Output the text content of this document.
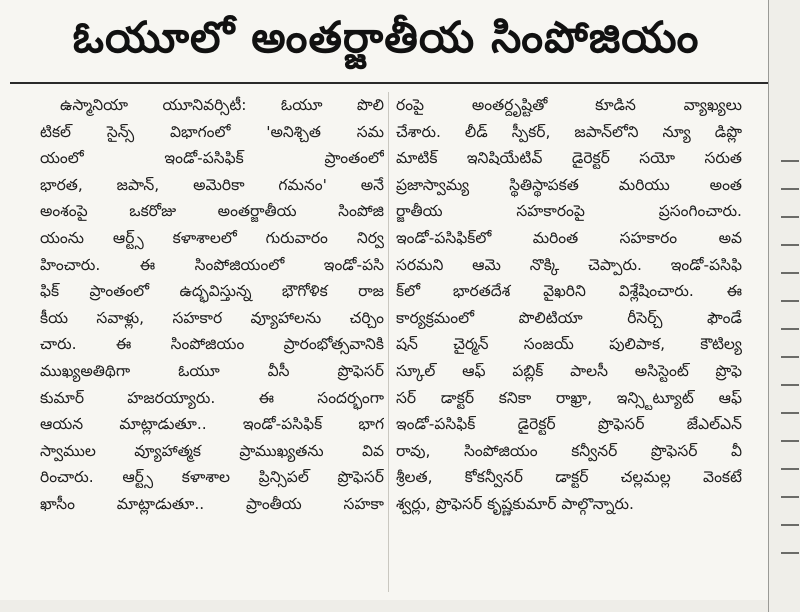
ఓయూలో అంతర్జాతీయ సింపోజియం
ఉస్మానియా యూనివర్సిటీ: ఓయూ పొలి
టికల్ సైన్స్ విభాగంలో 'అనిశ్చిత సమ
యంలో ఇండో-పసిఫిక్ ప్రాంతంలో
భారత, జపాన్, అమెరికా గమనం' అనే
అంశంపై ఒకరోజు అంతర్జాతీయ సింపోజి
యంను ఆర్ట్స్ కళాశాలలో గురువారం నిర్వ
హించారు. ఈ సింపోజియంలో ఇండో-పసి
ఫిక్ ప్రాంతంలో ఉద్భవిస్తున్న భౌగోళిక రాజ
కీయ సవాళ్లు, సహకార వ్యూహాలను చర్చిం
చారు. ఈ సింపోజియం ప్రారంభోత్సవానికి
ముఖ్యఅతిథిగా ఓయూ వీసీ ప్రొఫెసర్
కుమార్ హజరయ్యారు. ఈ సందర్భంగా
ఆయన మాట్లాడుతూ.. ఇండో-పసిఫిక్ భాగ
స్వాముల వ్యూహాత్మక ప్రాముఖ్యతను వివ
రించారు. ఆర్ట్స్ కళాశాల ప్రిన్సిపల్ ప్రొఫెసర్
ఖాసీం మాట్లాడుతూ.. ప్రాంతీయ సహకా
రంపై అంతర్దృష్టితో కూడిన వ్యాఖ్యలు
చేశారు. లీడ్ స్పీకర్, జపాన్‌లోని న్యూ డిప్లొ
మాటిక్ ఇనిషియేటివ్ డైరెక్టర్ సయో సరుత
ప్రజాస్వామ్య స్థితిస్థాపకత మరియు అంత
ర్జాతీయ సహకారంపై ప్రసంగించారు.
ఇండో-పసిఫిక్‌లో మరింత సహకారం అవ
సరమని ఆమె నొక్కి చెప్పారు. ఇండో-పసిఫి
క్‌లో భారతదేశ వైఖరిని విశ్లేషించారు. ఈ
కార్యక్రమంలో పొలిటియా రీసెర్చ్ ఫౌండే
షన్ చైర్మన్ సంజయ్ పులిపాక, కౌటిల్య
స్కూల్ ఆఫ్ పబ్లిక్ పాలసీ అసిస్టెంట్ ప్రొఫె
సర్ డాక్టర్ కనికా రాఖ్రా, ఇన్స్టిట్యూట్ ఆఫ్
ఇండో-పసిఫిక్ డైరెక్టర్ ప్రొఫెసర్ జేఎల్ఎన్
రావు, సింపోజియం కన్వీనర్ ప్రొఫెసర్ వీ
శ్రీలత, కోకన్వీనర్ డాక్టర్ చల్లమల్ల వెంకటే
శ్వర్లు, ప్రొఫెసర్ కృష్ణకుమార్ పాల్గొన్నారు.
